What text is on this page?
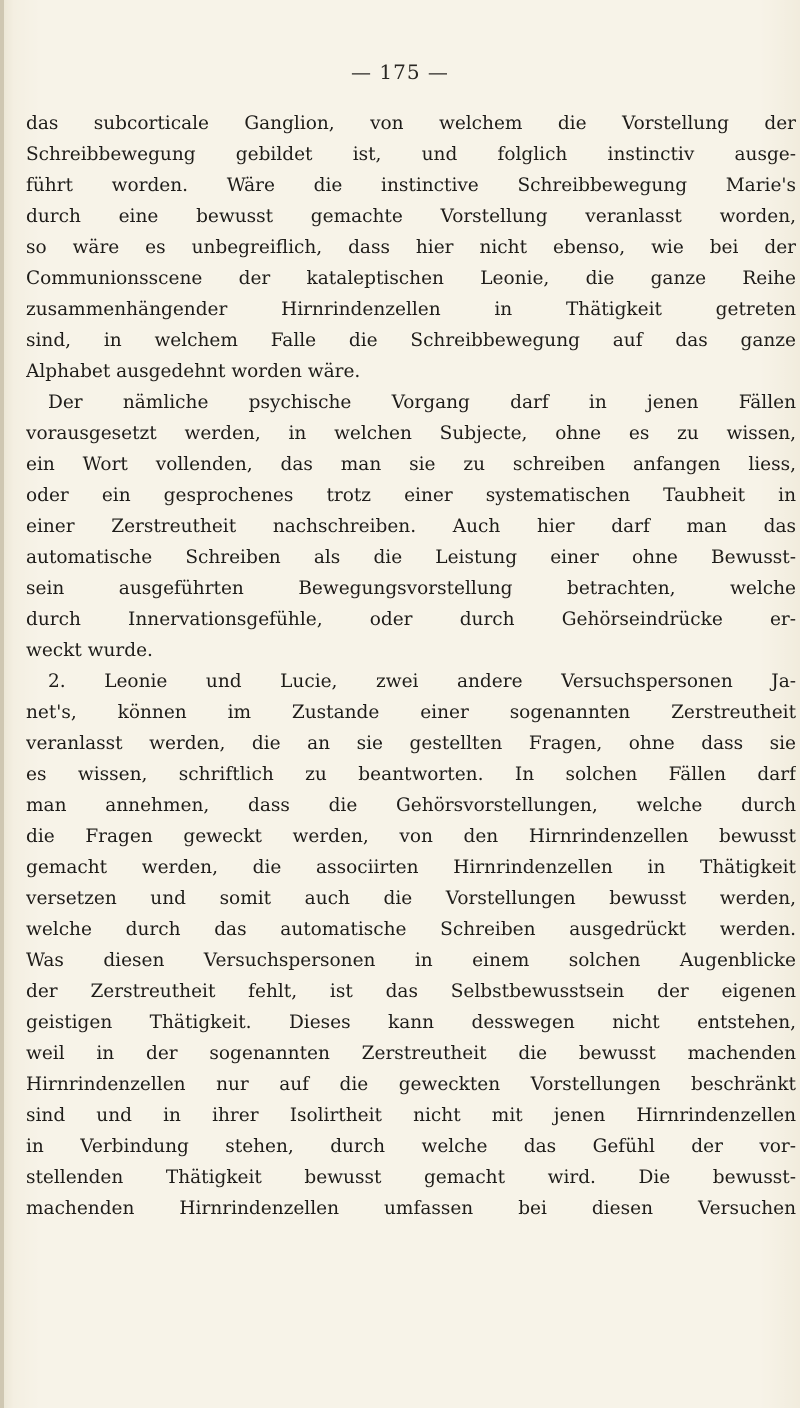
— 175 —
das subcorticale Ganglion, von welchem die Vorstellung der
Schreibbewegung gebildet ist, und folglich instinctiv ausge-
führt worden. Wäre die instinctive Schreibbewegung Marie's
durch eine bewusst gemachte Vorstellung veranlasst worden,
so wäre es unbegreiflich, dass hier nicht ebenso, wie bei der
Communionsscene der kataleptischen Leonie, die ganze Reihe
zusammenhängender Hirnrindenzellen in Thätigkeit getreten
sind, in welchem Falle die Schreibbewegung auf das ganze
Alphabet ausgedehnt worden wäre.
Der nämliche psychische Vorgang darf in jenen Fällen
vorausgesetzt werden, in welchen Subjecte, ohne es zu wissen,
ein Wort vollenden, das man sie zu schreiben anfangen liess,
oder ein gesprochenes trotz einer systematischen Taubheit in
einer Zerstreutheit nachschreiben. Auch hier darf man das
automatische Schreiben als die Leistung einer ohne Bewusst-
sein ausgeführten Bewegungsvorstellung betrachten, welche
durch Innervationsgefühle, oder durch Gehörseindrücke er-
weckt wurde.
2. Leonie und Lucie, zwei andere Versuchspersonen Ja-
net's, können im Zustande einer sogenannten Zerstreutheit
veranlasst werden, die an sie gestellten Fragen, ohne dass sie
es wissen, schriftlich zu beantworten. In solchen Fällen darf
man annehmen, dass die Gehörsvorstellungen, welche durch
die Fragen geweckt werden, von den Hirnrindenzellen bewusst
gemacht werden, die associirten Hirnrindenzellen in Thätigkeit
versetzen und somit auch die Vorstellungen bewusst werden,
welche durch das automatische Schreiben ausgedrückt werden.
Was diesen Versuchspersonen in einem solchen Augenblicke
der Zerstreutheit fehlt, ist das Selbstbewusstsein der eigenen
geistigen Thätigkeit. Dieses kann desswegen nicht entstehen,
weil in der sogenannten Zerstreutheit die bewusst machenden
Hirnrindenzellen nur auf die geweckten Vorstellungen beschränkt
sind und in ihrer Isolirtheit nicht mit jenen Hirnrindenzellen
in Verbindung stehen, durch welche das Gefühl der vor-
stellenden Thätigkeit bewusst gemacht wird. Die bewusst-
machenden Hirnrindenzellen umfassen bei diesen Versuchen
